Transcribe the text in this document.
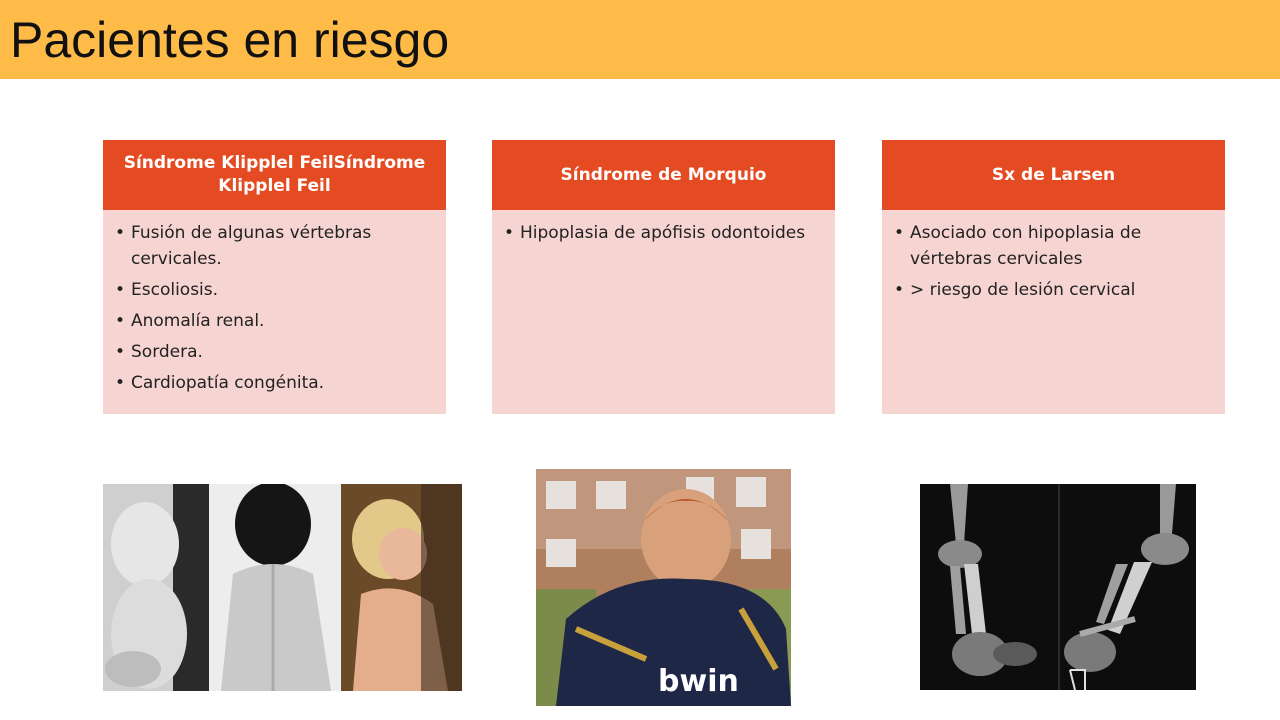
Pacientes en riesgo
Síndrome Klipplel FeilSíndrome Klipplel Feil
• Fusión de algunas vértebras cervicales.
• Escoliosis.
• Anomalía renal.
• Sordera.
• Cardiopatía congénita.
Síndrome de Morquio
• Hipoplasia de apófisis odontoides
Sx de Larsen
• Asociado con hipoplasia de vértebras cervicales
• > riesgo de lesión cervical
bwin
